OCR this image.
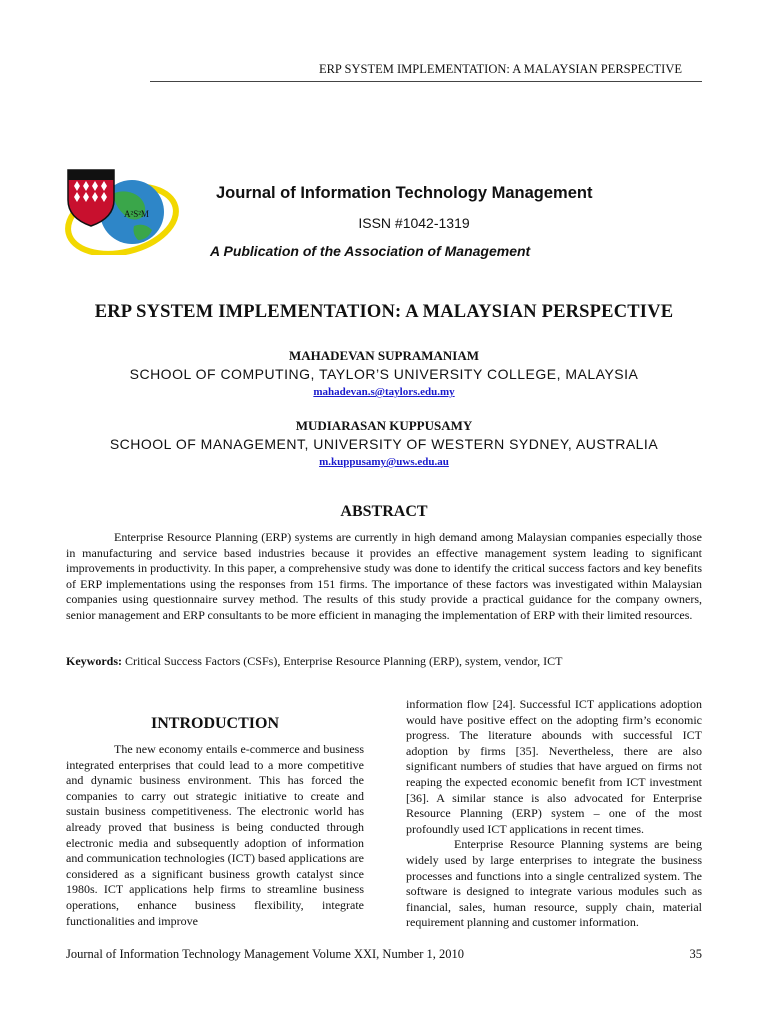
ERP SYSTEM IMPLEMENTATION: A MALAYSIAN PERSPECTIVE
A²S²M
Journal of Information Technology Management
ISSN #1042-1319
A Publication of the Association of Management
ERP SYSTEM IMPLEMENTATION: A MALAYSIAN PERSPECTIVE
MAHADEVAN SUPRAMANIAM
SCHOOL OF COMPUTING, TAYLOR’S UNIVERSITY COLLEGE, MALAYSIA
mahadevan.s@taylors.edu.my
MUDIARASAN KUPPUSAMY
SCHOOL OF MANAGEMENT, UNIVERSITY OF WESTERN SYDNEY, AUSTRALIA
m.kuppusamy@uws.edu.au
ABSTRACT

Enterprise Resource Planning (ERP) systems are currently in high demand among Malaysian companies especially those in manufacturing and service based industries because it provides an effective management system leading to significant improvements in productivity. In this paper, a comprehensive study was done to identify the critical success factors and key benefits of ERP implementations using the responses from 151 firms. The importance of these factors was investigated within Malaysian companies using questionnaire survey method. The results of this study provide a practical guidance for the company owners, senior management and ERP consultants to be more efficient in managing the implementation of ERP with their limited resources.

Keywords: Critical Success Factors (CSFs), Enterprise Resource Planning (ERP), system, vendor, ICT

INTRODUCTION

The new economy entails e-commerce and business integrated enterprises that could lead to a more competitive and dynamic business environment. This has forced the companies to carry out strategic initiative to create and sustain business competitiveness. The electronic world has already proved that business is being conducted through electronic media and subsequently adoption of information and communication technologies (ICT) based applications are considered as a significant business growth catalyst since 1980s. ICT applications help firms to streamline business operations, enhance business flexibility, integrate functionalities and improve

information flow [24]. Successful ICT applications adoption would have positive effect on the adopting firm’s economic progress. The literature abounds with successful ICT adoption by firms [35]. Nevertheless, there are also significant numbers of studies that have argued on firms not reaping the expected economic benefit from ICT investment [36]. A similar stance is also advocated for Enterprise Resource Planning (ERP) system – one of the most profoundly used ICT applications in recent times.

Enterprise Resource Planning systems are being widely used by large enterprises to integrate the business processes and functions into a single centralized system. The software is designed to integrate various modules such as financial, sales, human resource, supply chain, material requirement planning and customer information.

Journal of Information Technology Management Volume XXI, Number 1, 2010	35
